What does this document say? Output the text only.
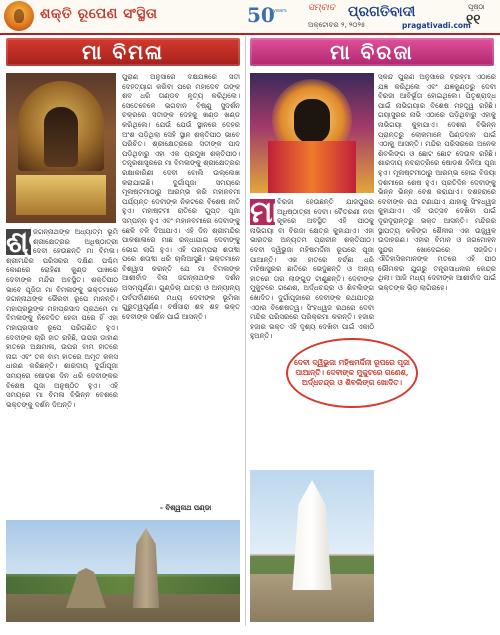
ଶକ୍ତି ରୂପେଣ ସଂସ୍ଥିତା	50
years ସମ୍ବାଦ ପ୍ରଗତିବାଦୀ
ଅକ୍ଟୋବର ୨, ୨୦୨୫	pragativadi.com
ପୃଷ୍ଠା
୧୧
ମା ବିମଳା

ଶ୍ରୀ
ଜଗନ୍ନାଥଙ୍କ ଅଧ୍ୟାତ୍ମ ଭୂମି ଶ୍ରୀକ୍ଷେତ୍ରର ଅଧିଷ୍ଠାତ୍ରୀ ଦେବୀ ହେଉଛନ୍ତି ମା ବିମଳା। ଶ୍ରୀମନ୍ଦିର ପରିସରର ଦକ୍ଷିଣ ପଶ୍ଚିମ କୋଣରେ ରୋହିଣୀ କୁଣ୍ଡ ପାଖରେ ଦେବୀଙ୍କ ମନ୍ଦିର ଅବସ୍ଥିତ। ଶକ୍ତିପୀଠ ଭାବେ ପୂଜିତା ମା ବିମଳାଙ୍କୁ ଭକ୍ତମାନେ ଜଗନ୍ନାଥଙ୍କ ଭୈରବୀ ରୂପେ ମାନନ୍ତି। ମହାପ୍ରଭୁଙ୍କ ମହାପ୍ରସାଦ ପ୍ରଥମେ ମା ବିମଳାଙ୍କୁ ନିବେଦିତ ହେବା ପରେ ହିଁ ଏହା ମହାପ୍ରସାଦ ରୂପେ ପରିଗଣିତ ହୁଏ। ଦେବୀଙ୍କ ଚାରି ହାତ ରହିଛି, ଉପର ଡାହାଣ ହାତରେ ଅକ୍ଷମାଳା, ଉପର ବାମ ହାତରେ ନାଗ ଏବଂ ତଳ ବାମ ହାତରେ ଅମୃତ କଳସ ଧାରଣ କରିଛନ୍ତି। ଶାରଦୀୟ ଦୁର୍ଗାପୂଜା ସମୟରେ ଷୋଡ଼ଶ ଦିନ ଧରି ଦେବୀଙ୍କର ବିଶେଷ ପୂଜା ଅନୁଷ୍ଠିତ ହୁଏ। ଏହି ସମୟରେ ମା ବିମଳା ବିଭିନ୍ନ ବେଶରେ ଭକ୍ତଙ୍କୁ ଦର୍ଶନ ଦିଅନ୍ତି।

ପୁରାଣ ଅନୁସାରେ ଦକ୍ଷଯଜ୍ଞରେ ସତୀ ଦେହତ୍ୟାଗ କରିବା ପରେ ମହାଦେବ ତାଙ୍କ ଶବ ଧରି ତାଣ୍ଡବ ନୃତ୍ୟ କରିଥିଲେ। ସେତେବେଳେ ଭଗବାନ ବିଷ୍ଣୁ ସୁଦର୍ଶନ ଚକ୍ରରେ ସତୀଙ୍କ ଦେହକୁ ଖଣ୍ଡ ଖଣ୍ଡ କରିଥିଲେ। ଯେଉଁ ଯେଉଁ ସ୍ଥାନରେ ଦେହର ଅଂଶ ପଡ଼ିଥିଲା ସେହି ସ୍ଥାନ ଶକ୍ତିପୀଠ ଭାବେ ପରିଚିତ। ଶ୍ରୀକ୍ଷେତ୍ରରେ ସତୀଙ୍କ ପାଦ ପଡ଼ିଥିବାରୁ ଏହା ଏକ ପ୍ରମୁଖ ଶକ୍ତିପୀଠ। ତନ୍ତ୍ରଶାସ୍ତ୍ରରେ ମା ବିମଳାଙ୍କୁ ଶ୍ରୀକ୍ଷେତ୍ରର ରକ୍ଷାକାରିଣୀ ଦେବୀ ବୋଲି ଉଲ୍ଲେଖ କରାଯାଇଛି। ଦୁର୍ଗାପୂଜା ସମୟରେ ମୂଳାଷ୍ଟମୀଠାରୁ ଆରମ୍ଭ କରି ମହାନବମୀ ପର୍ଯ୍ୟନ୍ତ ଦେବୀଙ୍କ ନିକଟରେ ବିଶେଷ ନୀତି ହୁଏ। ମହାଷ୍ଟମୀ ରାତିରେ ଗୁପ୍ତ ପୂଜା ସମ୍ପନ୍ନ ହୁଏ ଏବଂ ମହାନବମୀରେ ଦେବୀଙ୍କୁ ଛେଳି ବଳି ଦିଆଯାଏ। ଏହି ଦିନ ଶ୍ରୀମନ୍ଦିର ପାକଶାଳାରେ ମାଛ ରନ୍ଧାଯାଇ ଦେବୀଙ୍କୁ ଭୋଗ ଲାଗି ହୁଏ। ଏହି ପରମ୍ପରା ଶତାବ୍ଦୀ ପରେ ଶତାବ୍ଦୀ ଧରି ଚାଲିଆସୁଛି। ଭକ୍ତମାନେ ବିଶ୍ୱାସ କରନ୍ତି ଯେ ମା ବିମଳାଙ୍କ ଆଶୀର୍ବାଦ ବିନା ଜଗନ୍ନାଥଙ୍କ ଦର୍ଶନ ଅସମ୍ପୂର୍ଣ୍ଣ। ଗୁଣ୍ଡିଚା ଯାତ୍ରା ଓ ଅନ୍ୟାନ୍ୟ ପର୍ବପର୍ବାଣୀରେ ମଧ୍ୟ ଦେବୀଙ୍କ ଭୂମିକା ଗୁରୁତ୍ୱପୂର୍ଣ୍ଣ। ବର୍ଷସାରା ଶହ ଶହ ଭକ୍ତ ଦେବୀଙ୍କ ଦର୍ଶନ ପାଇଁ ଆସନ୍ତି।

- ବିଶ୍ୱନାଥ ପଣ୍ଡା
ମା ବିରଜା

ମା
ବିରଜା ହେଉଛନ୍ତି ଯାଜପୁରର ଅଧିଷ୍ଠାତ୍ରୀ ଦେବୀ। ବୈତରଣୀ ନଦୀ କୂଳରେ ଅବସ୍ଥିତ ଏହି ପୀଠକୁ ନାଭିଗୟା ବା ବିରଜା କ୍ଷେତ୍ର କୁହାଯାଏ। ଏହା ଭାରତର ଅନ୍ୟତମ ପ୍ରାଚୀନ ଶକ୍ତିପୀଠ। ଦେବୀ ଦ୍ୱିଭୁଜା ମହିଷମର୍ଦ୍ଦିନୀ ରୂପରେ ପୂଜା ପାଆନ୍ତି। ଏକ ହାତରେ ବର୍ଚ୍ଛା ଧରି ମହିଷାସୁରର ଛାତିରେ ଭେଦୁଛନ୍ତି ଓ ଅନ୍ୟ ହାତରେ ତାର ଲାଙ୍ଗୁଡ଼ ଟାଣୁଛନ୍ତି। ଦେବୀଙ୍କ ମୁକୁଟରେ ଗଣେଶ, ଅର୍ଦ୍ଧଚନ୍ଦ୍ର ଓ ଶିବଲିଙ୍ଗ ଖୋଦିତ। ଦୁର୍ଗାପୂଜାରେ ଦେବୀଙ୍କ ରଥଯାତ୍ରା ଏଠାର ବିଶେଷତ୍ୱ। ସିଂହଧ୍ୱଜ ରଥରେ ଦେବୀ ମନ୍ଦିର ପରିସରରେ ପରିକ୍ରମା କରନ୍ତି। ହଜାର ହଜାର ଭକ୍ତ ଏହି ଦୃଶ୍ୟ ଦେଖିବା ପାଇଁ ଏକାଠି ହୁଅନ୍ତି।

ସ୍କନ୍ଦ ପୁରାଣ ଅନୁସାରେ ବ୍ରହ୍ମା ଏଠାରେ ଯଜ୍ଞ କରିଥିଲେ ଏବଂ ଯଜ୍ଞକୁଣ୍ଡରୁ ଦେବୀ ବିରଜା ଆବିର୍ଭୂତା ହୋଇଥିଲେ। ପିତୃଶ୍ରାଦ୍ଧ ପାଇଁ ନାଭିଗୟାର ବିଶେଷ ମହତ୍ତ୍ୱ ରହିଛି। ଗୟାସୁରର ନାଭି ଏଠାରେ ପଡ଼ିଥିବାରୁ ଏହାକୁ ନାଭିଗୟା କୁହାଯାଏ। ଦେଶର ବିଭିନ୍ନ ପ୍ରାନ୍ତରୁ ଲୋକମାନେ ପିଣ୍ଡଦାନ ପାଇଁ ଏଠାକୁ ଆସନ୍ତି। ମନ୍ଦିର ପରିସରରେ ଅନେକ ଶିବଲିଙ୍ଗ ଓ ଛୋଟ ଛୋଟ ଦେଉଳ ରହିଛି। ଶାରଦୀୟ ନବରାତ୍ରିରେ ଷୋଡ଼ଶ ଦିନିଆ ପୂଜା ହୁଏ। ମୂଳାଷ୍ଟମୀଠାରୁ ଆରମ୍ଭ ହୋଇ ବିଜୟା ଦଶମୀରେ ଶେଷ ହୁଏ। ପ୍ରତିଦିନ ଦେବୀଙ୍କୁ ଭିନ୍ନ ଭିନ୍ନ ବେଶ କରାଯାଏ। ଦଶହରାରେ ଦେବୀଙ୍କ ରଥ ଟଣାଯାଏ ଯାହାକୁ ସିଂହଧ୍ୱଜ କୁହାଯାଏ। ଏହି ଉତ୍ସବ ଦେଖିବା ପାଇଁ ଦୂରଦୂରାନ୍ତରୁ ଭକ୍ତ ଆସନ୍ତି। ମନ୍ଦିରର ସ୍ଥାପତ୍ୟ କଳିଙ୍ଗ ଶୈଳୀର ଏକ ଉଜ୍ଜ୍ୱଳ ଉଦାହରଣ। ଏହାର ବିମାନ ଓ ଜଗମୋହନ ସୁନ୍ଦର ଖୋଦେଇରେ ସଜ୍ଜିତ। ଐତିହାସିକମାନଙ୍କ ମତରେ ଏହି ପୀଠ ଭୌମକର ଯୁଗରୁ ତନ୍ତ୍ରସାଧନାର କେନ୍ଦ୍ର ଥିଲା। ଆଜି ମଧ୍ୟ ଦେବୀଙ୍କ ଆଶୀର୍ବାଦ ପାଇଁ ଭକ୍ତଙ୍କ ଭିଡ଼ ଲାଗିରହେ।

ଦେବୀ ଦ୍ୱିଭୁଜା ମହିଷମର୍ଦ୍ଦିନୀ ରୂପରେ ପୂଜା ପାଆନ୍ତି। ଦେବୀଙ୍କ ମୁକୁଟରେ ଗଣେଶ, ଅର୍ଦ୍ଧଚନ୍ଦ୍ର ଓ ଶିବଲିଙ୍ଗ ଖୋଦିତ।
